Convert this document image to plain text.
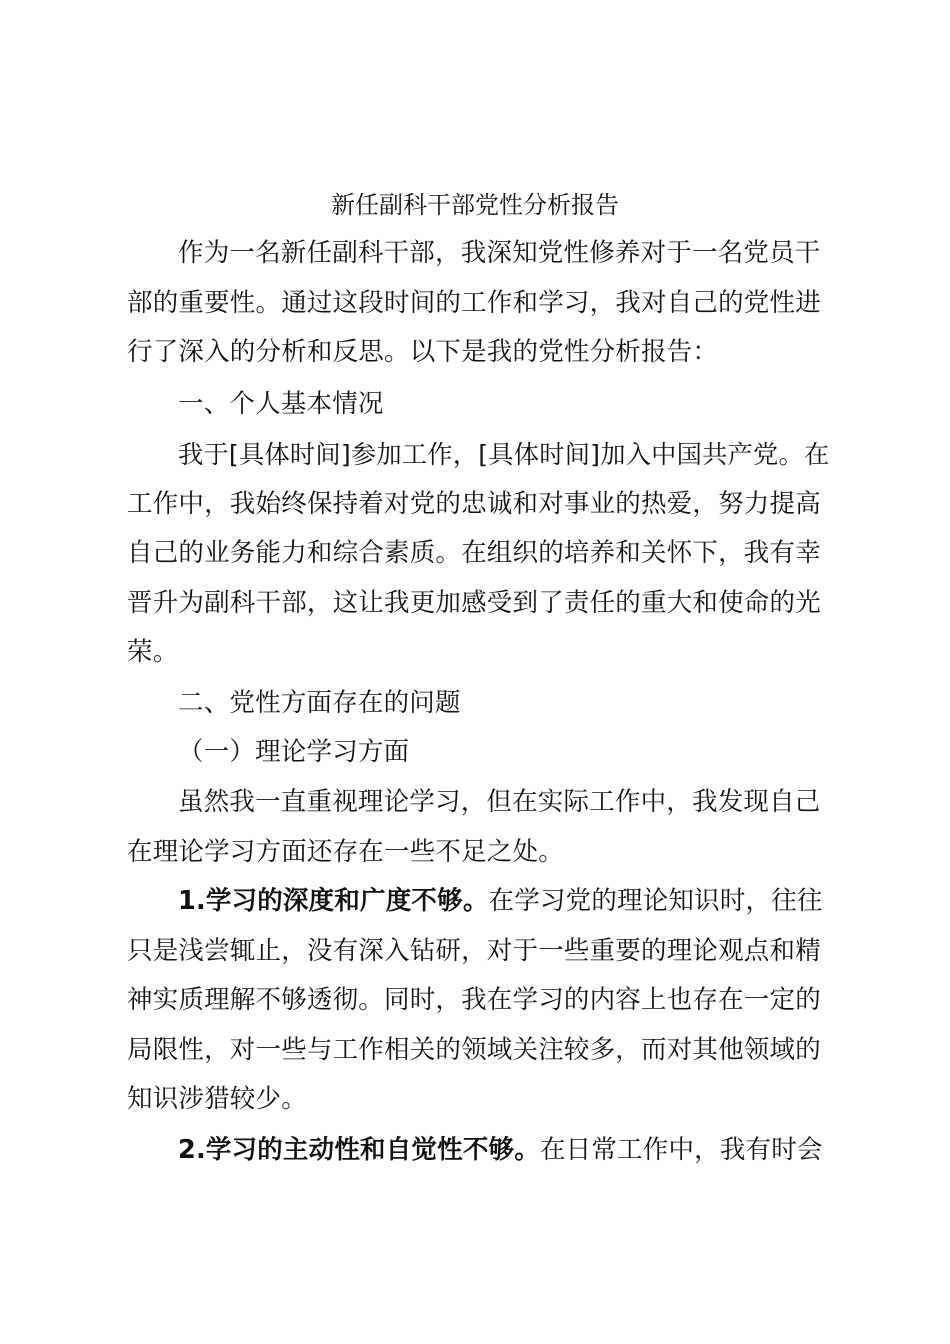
新任副科干部党性分析报告
作为一名新任副科干部，我深知党性修养对于一名党员干
部的重要性。通过这段时间的工作和学习，我对自己的党性进
行了深入的分析和反思。以下是我的党性分析报告：
一、个人基本情况
我于[具体时间]参加工作，[具体时间]加入中国共产党。在
工作中，我始终保持着对党的忠诚和对事业的热爱，努力提高
自己的业务能力和综合素质。在组织的培养和关怀下，我有幸
晋升为副科干部，这让我更加感受到了责任的重大和使命的光
荣。
二、党性方面存在的问题
（一）理论学习方面
虽然我一直重视理论学习，但在实际工作中，我发现自己
在理论学习方面还存在一些不足之处。
1.学习的深度和广度不够。在学习党的理论知识时，往往
只是浅尝辄止，没有深入钻研，对于一些重要的理论观点和精
神实质理解不够透彻。同时，我在学习的内容上也存在一定的
局限性，对一些与工作相关的领域关注较多，而对其他领域的
知识涉猎较少。
2.学习的主动性和自觉性不够。在日常工作中，我有时会
